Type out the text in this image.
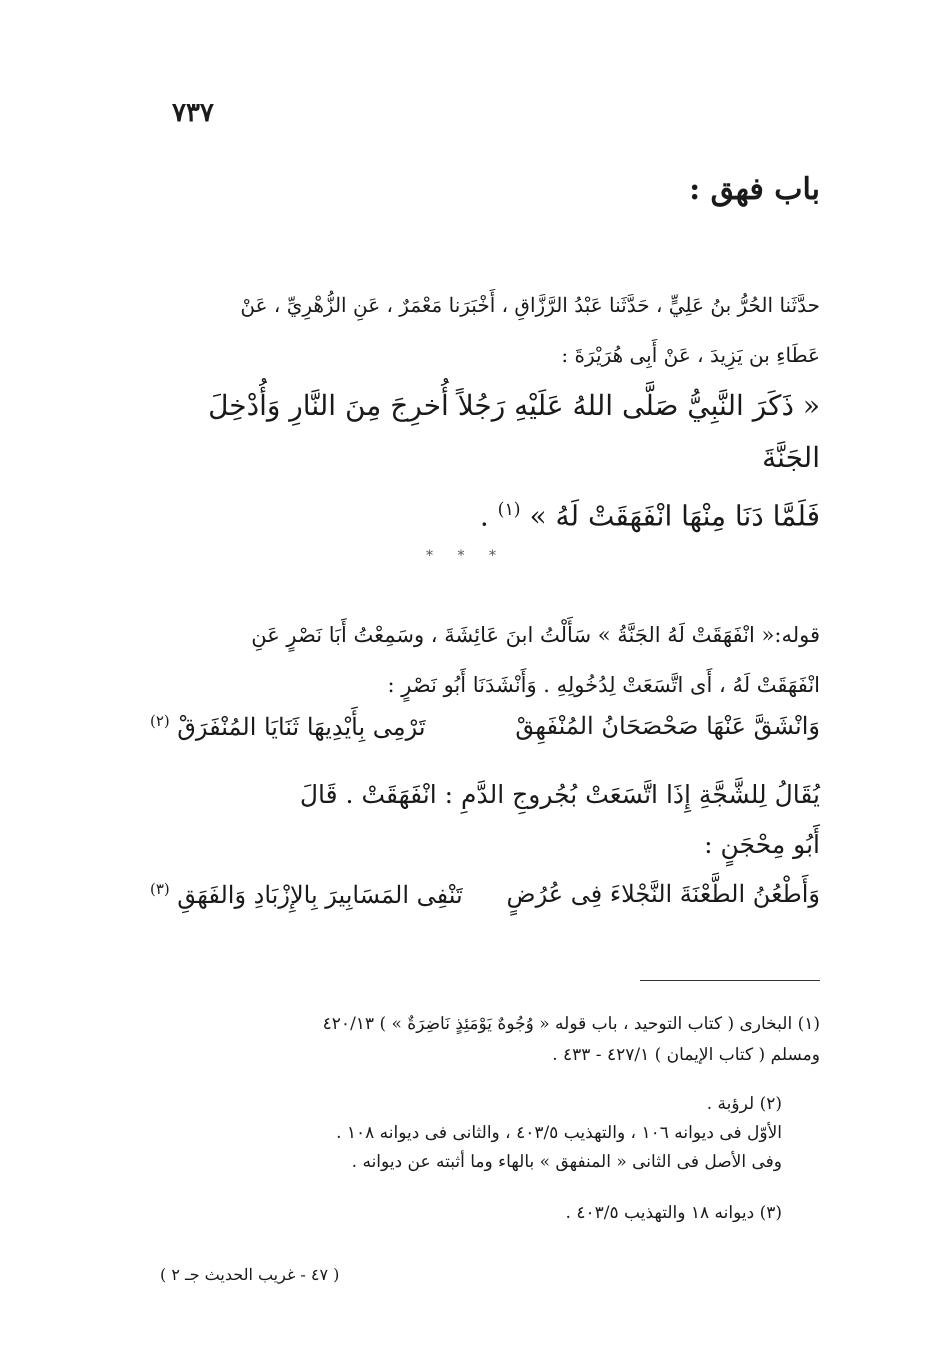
٧٣٧
باب فهق :
حدَّثَنا الحُرُّ بنُ عَلِيٍّ ، حَدَّثَنا عَبْدُ الرَّزَّاقِ ، أَخْبَرَنا مَعْمَرٌ ، عَنِ الزُّهْرِيِّ ، عَنْ
عَطَاءِ بن يَزِيدَ ، عَنْ أَبِى هُرَيْرَةَ :
« ذَكَرَ النَّبِيُّ صَلَّى اللهُ عَلَيْهِ رَجُلاً أُخرِجَ مِنَ النَّارِ وَأُدْخِلَ الجَنَّةَ
فَلَمَّا دَنَا مِنْهَا انْفَهَقَتْ لَهُ » $^{(١)}$ .
* * *
قوله:« انْفَهَقَتْ لَهُ الجَنَّةُ » سَأَلْتُ ابنَ عَائِشَةَ ، وسَمِعْتُ أَبَا نَصْرٍ عَنِ
انْفَهَقَتْ لَهُ ، أَى اتَّسَعَتْ لِدُخُولِهِ . وَأَنْشَدَنَا أَبُو نَصْرٍ :
وَانْشَقَّ عَنْهَا صَحْصَحَانُ المُنْفَهِقْ
تَرْمِى بِأَيْدِيهَا ثَنَايَا المُنْفَرَقْ $^{(٢)}$
يُقَالُ لِلشَّجَّةِ إِذَا اتَّسَعَتْ بُجُروجِ الدَّمِ : انْفَهَقَتْ . قَالَ
أَبُو مِحْجَنٍ :
وَأَطْعُنُ الطَّعْنَةَ النَّجْلاءَ فِى عُرُضٍ
تَنْفِى المَسَابِيرَ بِالإِزْبَادِ وَالفَهَقِ $^{(٣)}$
(١) البخارى ( كتاب التوحيد ، باب قوله « وُجُوهٌ يَوْمَئِذٍ نَاضِرَةٌ » ) ٤٢٠/١٣
ومسلم ( كتاب الإيمان ) ٤٢٧/١ - ٤٣٣ .
(٢) لرؤبة .
الأوّل فى ديوانه ١٠٦ ، والتهذيب ٤٠٣/٥ ، والثانى فى ديوانه ١٠٨ .
وفى الأصل فى الثانى « المنفهق » بالهاء وما أثبته عن ديوانه .
(٣) ديوانه ١٨ والتهذيب ٤٠٣/٥ .
( ٤٧ - غريب الحديث جـ ٢ )
